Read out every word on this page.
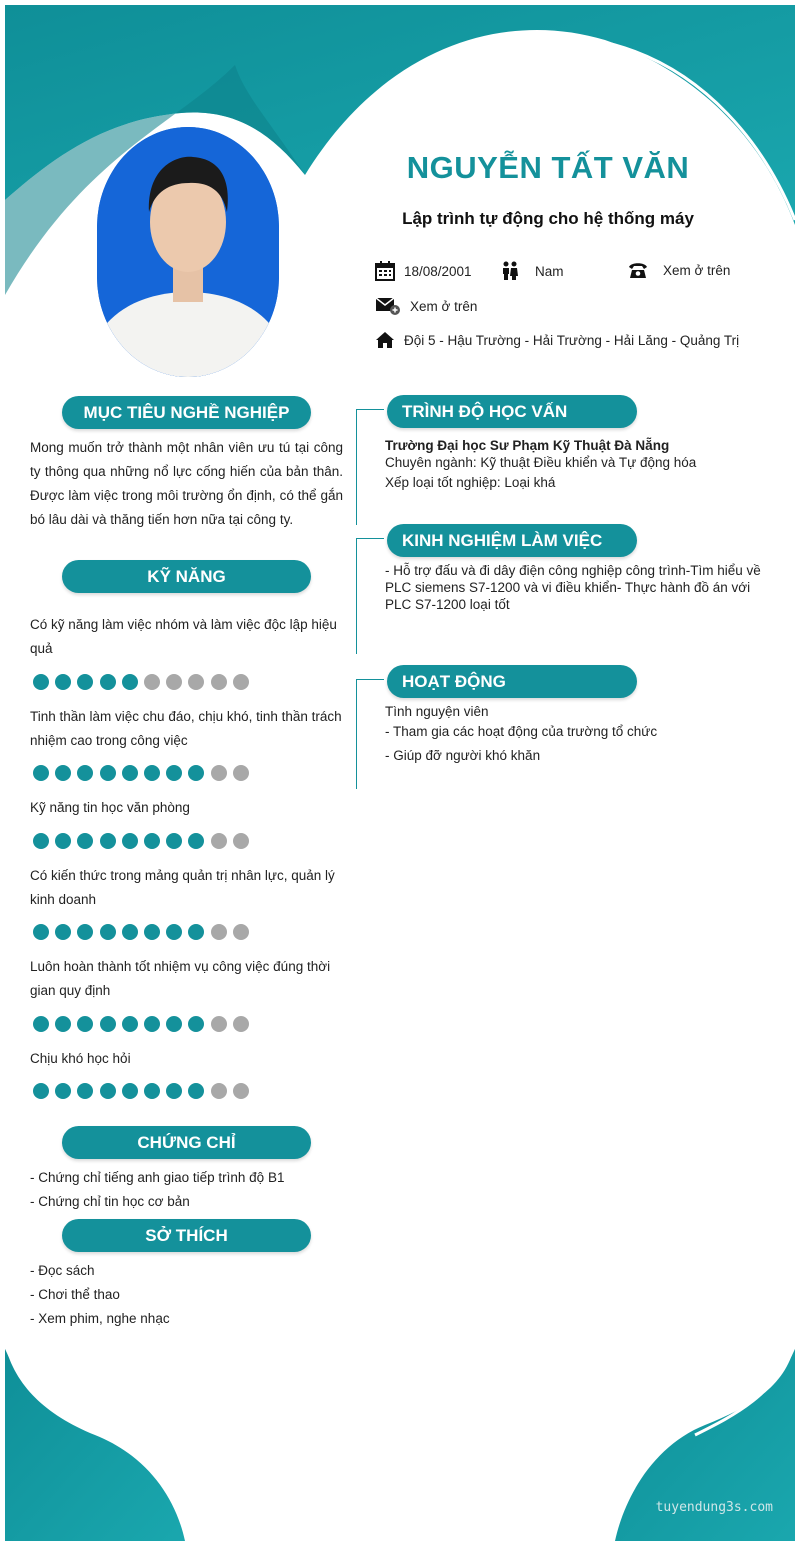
NGUYỄN TẤT VĂN
Lập trình tự động cho hệ thống máy
18/08/2001	Nam	Xem ở trên
Xem ở trên
Đội 5 - Hậu Trường - Hải Trường - Hải Lăng - Quảng Trị
MỤC TIÊU NGHỀ NGHIỆP
Mong muốn trở thành một nhân viên ưu tú tại công ty thông qua những nổ lực cống hiến của bản thân. Được làm việc trong môi trường ổn định, có thể gắn bó lâu dài và thăng tiến hơn nữa tại công ty.
KỸ NĂNG
Có kỹ năng làm việc nhóm và làm việc độc lập hiệu quả
Tinh thần làm việc chu đáo, chịu khó, tinh thần trách nhiệm cao trong công việc
Kỹ năng tin học văn phòng
Có kiến thức trong mảng quản trị nhân lực, quản lý kinh doanh
Luôn hoàn thành tốt nhiệm vụ công việc đúng thời gian quy định
Chịu khó học hỏi
CHỨNG CHỈ
- Chứng chỉ tiếng anh giao tiếp trình độ B1
- Chứng chỉ tin học cơ bản
SỞ THÍCH
- Đọc sách
- Chơi thể thao
- Xem phim, nghe nhạc
TRÌNH ĐỘ HỌC VẤN
Trường Đại học Sư Phạm Kỹ Thuật Đà Nẵng
Chuyên ngành: Kỹ thuật Điều khiển và Tự động hóa
Xếp loại tốt nghiệp: Loại khá
KINH NGHIỆM LÀM VIỆC
- Hỗ trợ đấu và đi dây điện công nghiệp công trình-Tìm hiểu về PLC siemens S7-1200 và vi điều khiển- Thực hành đồ án với PLC S7-1200 loại tốt
HOẠT ĐỘNG
Tình nguyện viên
- Tham gia các hoạt động của trường tổ chức
- Giúp đỡ người khó khăn
tuyendung3s.com
